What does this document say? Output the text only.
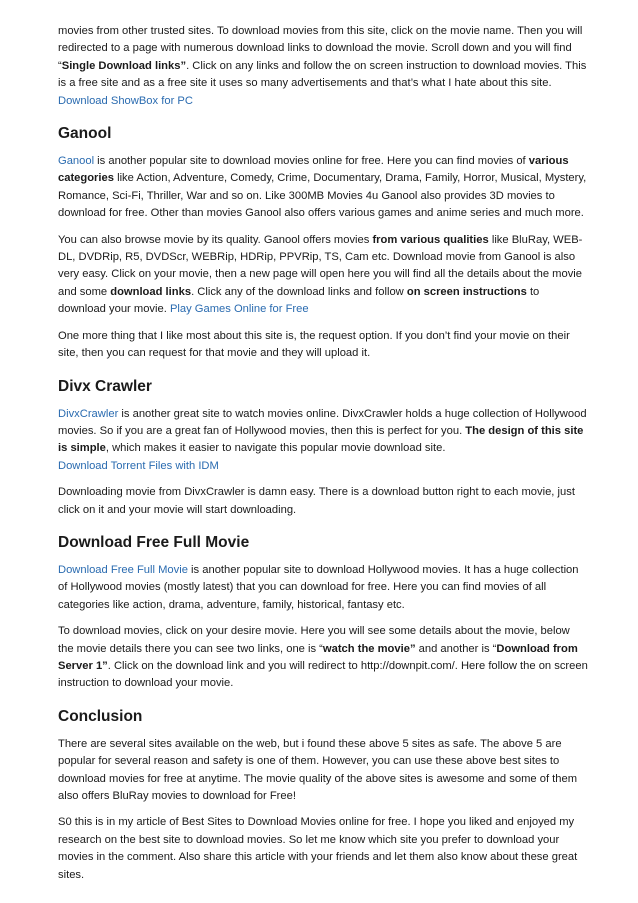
movies from other trusted sites. To download movies from this site, click on the movie name. Then you will redirected to a page with numerous download links to download the movie. Scroll down and you will find “Single Download links”. Click on any links and follow the on screen instruction to download movies. This is a free site and as a free site it uses so many advertisements and that’s what I hate about this site. Download ShowBox for PC

Ganool

Ganool is another popular site to download movies online for free. Here you can find movies of various categories like Action, Adventure, Comedy, Crime, Documentary, Drama, Family, Horror, Musical, Mystery, Romance, Sci-Fi, Thriller, War and so on. Like 300MB Movies 4u Ganool also provides 3D movies to download for free. Other than movies Ganool also offers various games and anime series and much more.

You can also browse movie by its quality. Ganool offers movies from various qualities like BluRay, WEB-DL, DVDRip, R5, DVDScr, WEBRip, HDRip, PPVRip, TS, Cam etc. Download movie from Ganool is also very easy. Click on your movie, then a new page will open here you will find all the details about the movie and some download links. Click any of the download links and follow on screen instructions to download your movie. Play Games Online for Free

One more thing that I like most about this site is, the request option. If you don’t find your movie on their site, then you can request for that movie and they will upload it.

Divx Crawler

DivxCrawler is another great site to watch movies online. DivxCrawler holds a huge collection of Hollywood movies. So if you are a great fan of Hollywood movies, then this is perfect for you. The design of this site is simple, which makes it easier to navigate this popular movie download site.
Download Torrent Files with IDM

Downloading movie from DivxCrawler is damn easy. There is a download button right to each movie, just click on it and your movie will start downloading.

Download Free Full Movie

Download Free Full Movie is another popular site to download Hollywood movies. It has a huge collection of Hollywood movies (mostly latest) that you can download for free. Here you can find movies of all categories like action, drama, adventure, family, historical, fantasy etc.

To download movies, click on your desire movie. Here you will see some details about the movie, below the movie details there you can see two links, one is “watch the movie” and another is “Download from Server 1”. Click on the download link and you will redirect to http://downpit.com/. Here follow the on screen instruction to download your movie.

Conclusion

There are several sites available on the web, but i found these above 5 sites as safe. The above 5 are popular for several reason and safety is one of them. However, you can use these above best sites to download movies for free at anytime. The movie quality of the above sites is awesome and some of them also offers BluRay movies to download for Free!

S0 this is in my article of Best Sites to Download Movies online for free. I hope you liked and enjoyed my research on the best site to download movies. So let me know which site you prefer to download your movies in the comment. Also share this article with your friends and let them also know about these great sites.
